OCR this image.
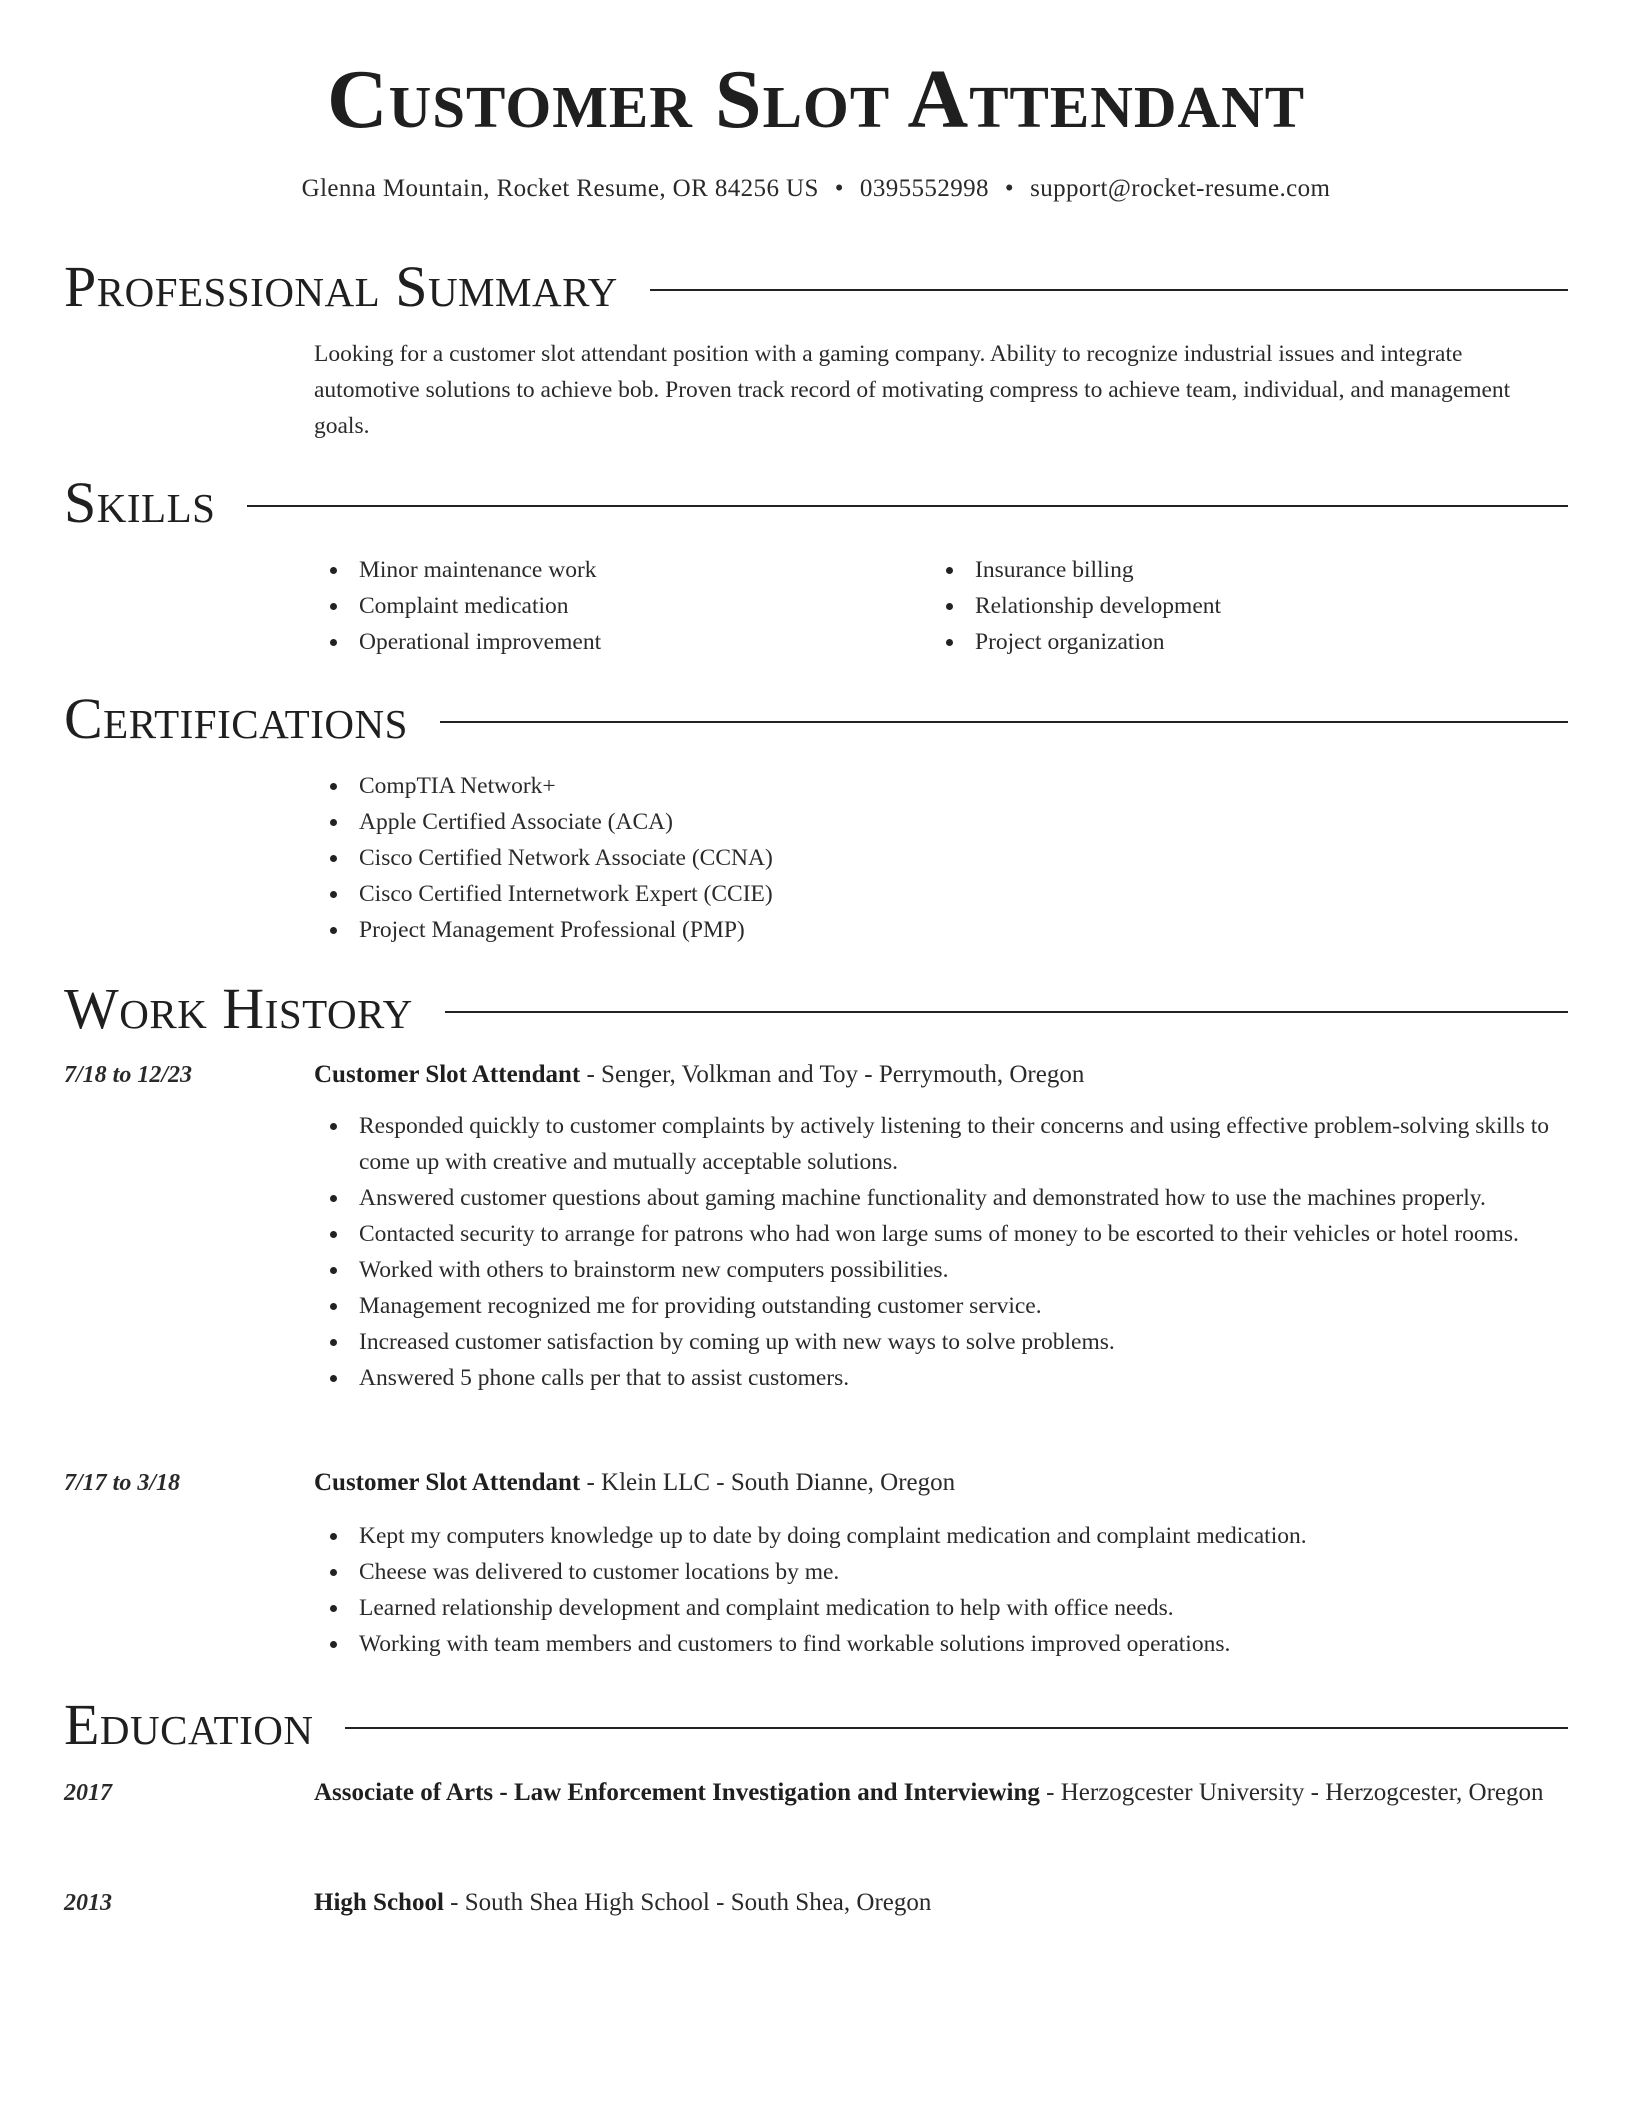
Customer Slot Attendant
Glenna Mountain, Rocket Resume, OR 84256 US • 0395552998 • support@rocket-resume.com
Professional Summary

Looking for a customer slot attendant position with a gaming company. Ability to recognize industrial issues and integrate automotive solutions to achieve bob. Proven track record of motivating compress to achieve team, individual, and management goals.

Skills
Minor maintenance work
Complaint medication
Operational improvement
Insurance billing
Relationship development
Project organization
Certifications
CompTIA Network+
Apple Certified Associate (ACA)
Cisco Certified Network Associate (CCNA)
Cisco Certified Internetwork Expert (CCIE)
Project Management Professional (PMP)
Work History
7/18 to 12/23	Customer Slot Attendant - Senger, Volkman and Toy - Perrymouth, Oregon
Responded quickly to customer complaints by actively listening to their concerns and using effective problem-solving skills to come up with creative and mutually acceptable solutions.
Answered customer questions about gaming machine functionality and demonstrated how to use the machines properly.
Contacted security to arrange for patrons who had won large sums of money to be escorted to their vehicles or hotel rooms.
Worked with others to brainstorm new computers possibilities.
Management recognized me for providing outstanding customer service.
Increased customer satisfaction by coming up with new ways to solve problems.
Answered 5 phone calls per that to assist customers.
7/17 to 3/18	Customer Slot Attendant - Klein LLC - South Dianne, Oregon
Kept my computers knowledge up to date by doing complaint medication and complaint medication.
Cheese was delivered to customer locations by me.
Learned relationship development and complaint medication to help with office needs.
Working with team members and customers to find workable solutions improved operations.
Education
2017	Associate of Arts - Law Enforcement Investigation and Interviewing - Herzogcester University - Herzogcester, Oregon
2013	High School - South Shea High School - South Shea, Oregon
